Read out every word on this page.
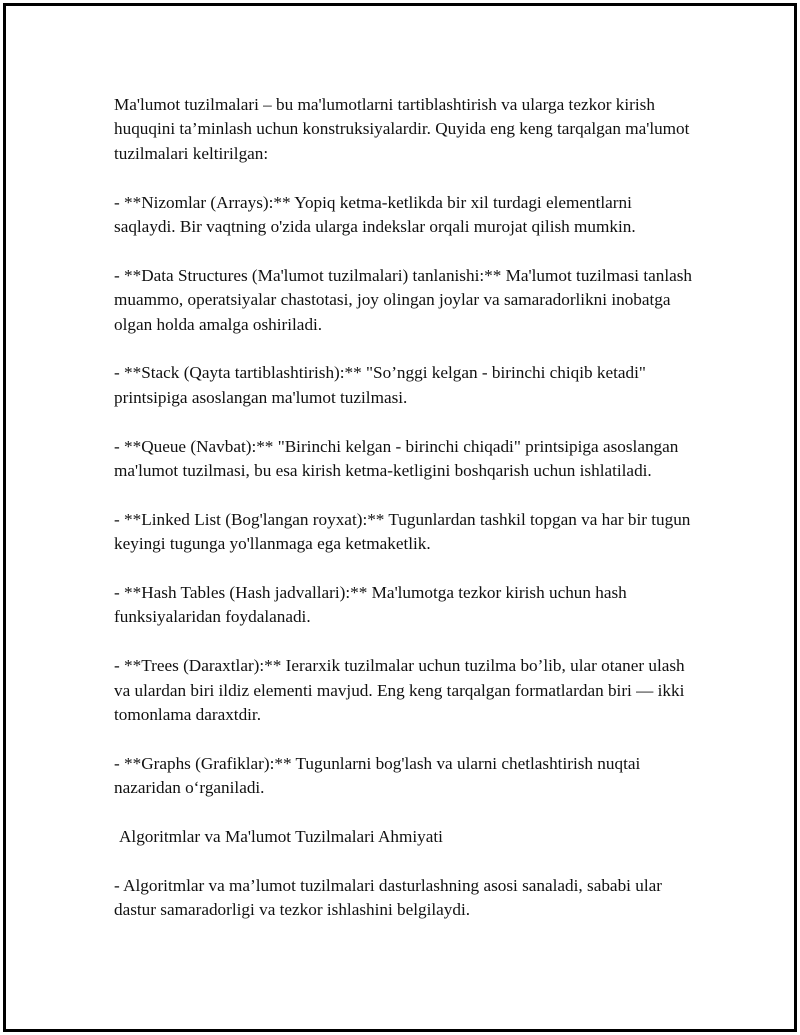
Ma'lumot tuzilmalari – bu ma'lumotlarni tartiblashtirish va ularga tezkor kirish huquqini ta’minlash uchun konstruksiyalardir. Quyida eng keng tarqalgan ma'lumot tuzilmalari keltirilgan:

- **Nizomlar (Arrays):** Yopiq ketma-ketlikda bir xil turdagi elementlarni saqlaydi. Bir vaqtning o'zida ularga indekslar orqali murojat qilish mumkin.

- **Data Structures (Ma'lumot tuzilmalari) tanlanishi:** Ma'lumot tuzilmasi tanlash muammo, operatsiyalar chastotasi, joy olingan joylar va samaradorlikni inobatga olgan holda amalga oshiriladi.

- **Stack (Qayta tartiblashtirish):** "So’nggi kelgan - birinchi chiqib ketadi" printsipiga asoslangan ma'lumot tuzilmasi.

- **Queue (Navbat):** "Birinchi kelgan - birinchi chiqadi" printsipiga asoslangan ma'lumot tuzilmasi, bu esa kirish ketma-ketligini boshqarish uchun ishlatiladi.

- **Linked List (Bog'langan royxat):** Tugunlardan tashkil topgan va har bir tugun keyingi tugunga yo'llanmaga ega ketmaketlik.

- **Hash Tables (Hash jadvallari):** Ma'lumotga tezkor kirish uchun hash funksiyalaridan foydalanadi.

- **Trees (Daraxtlar):** Ierarxik tuzilmalar uchun tuzilma bo’lib, ular otaner ulash va ulardan biri ildiz elementi mavjud. Eng keng tarqalgan formatlardan biri — ikki tomonlama daraxtdir.

- **Graphs (Grafiklar):** Tugunlarni bog'lash va ularni chetlashtirish nuqtai nazaridan o‘rganiladi.

Algoritmlar va Ma'lumot Tuzilmalari Ahmiyati

- Algoritmlar va ma’lumot tuzilmalari dasturlashning asosi sanaladi, sababi ular dastur samaradorligi va tezkor ishlashini belgilaydi.
